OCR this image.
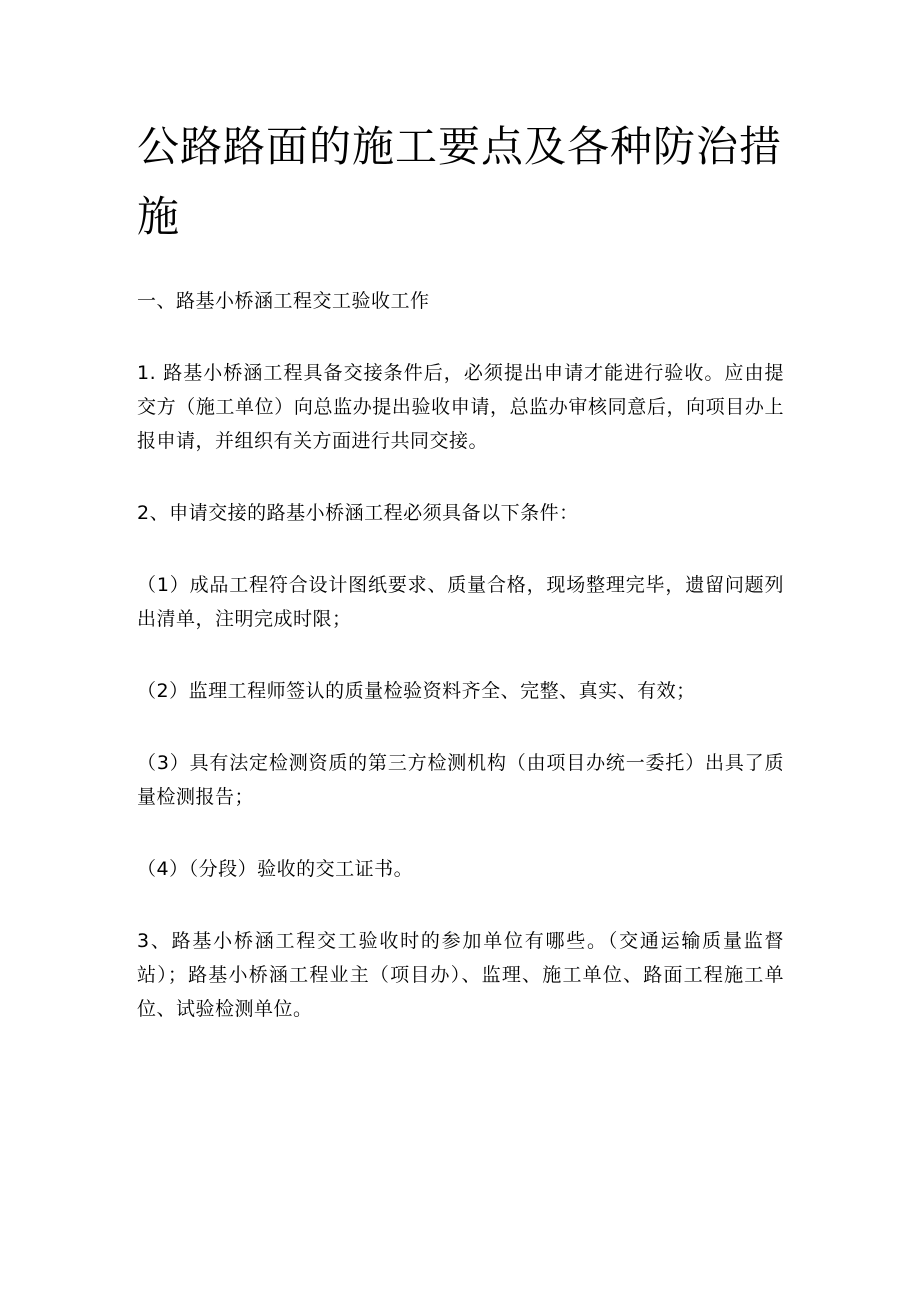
公路路面的施工要点及各种防治措施

一、路基小桥涵工程交工验收工作

1. 路基小桥涵工程具备交接条件后，必须提出申请才能进行验收。应由提交方（施工单位）向总监办提出验收申请，总监办审核同意后，向项目办上报申请，并组织有关方面进行共同交接。

2、申请交接的路基小桥涵工程必须具备以下条件：

（1）成品工程符合设计图纸要求、质量合格，现场整理完毕，遗留问题列出清单，注明完成时限；

（2）监理工程师签认的质量检验资料齐全、完整、真实、有效；

（3）具有法定检测资质的第三方检测机构（由项目办统一委托）出具了质量检测报告；

（4）（分段）验收的交工证书。

3、路基小桥涵工程交工验收时的参加单位有哪些。（交通运输质量监督站）；路基小桥涵工程业主（项目办）、监理、施工单位、路面工程施工单位、试验检测单位。
